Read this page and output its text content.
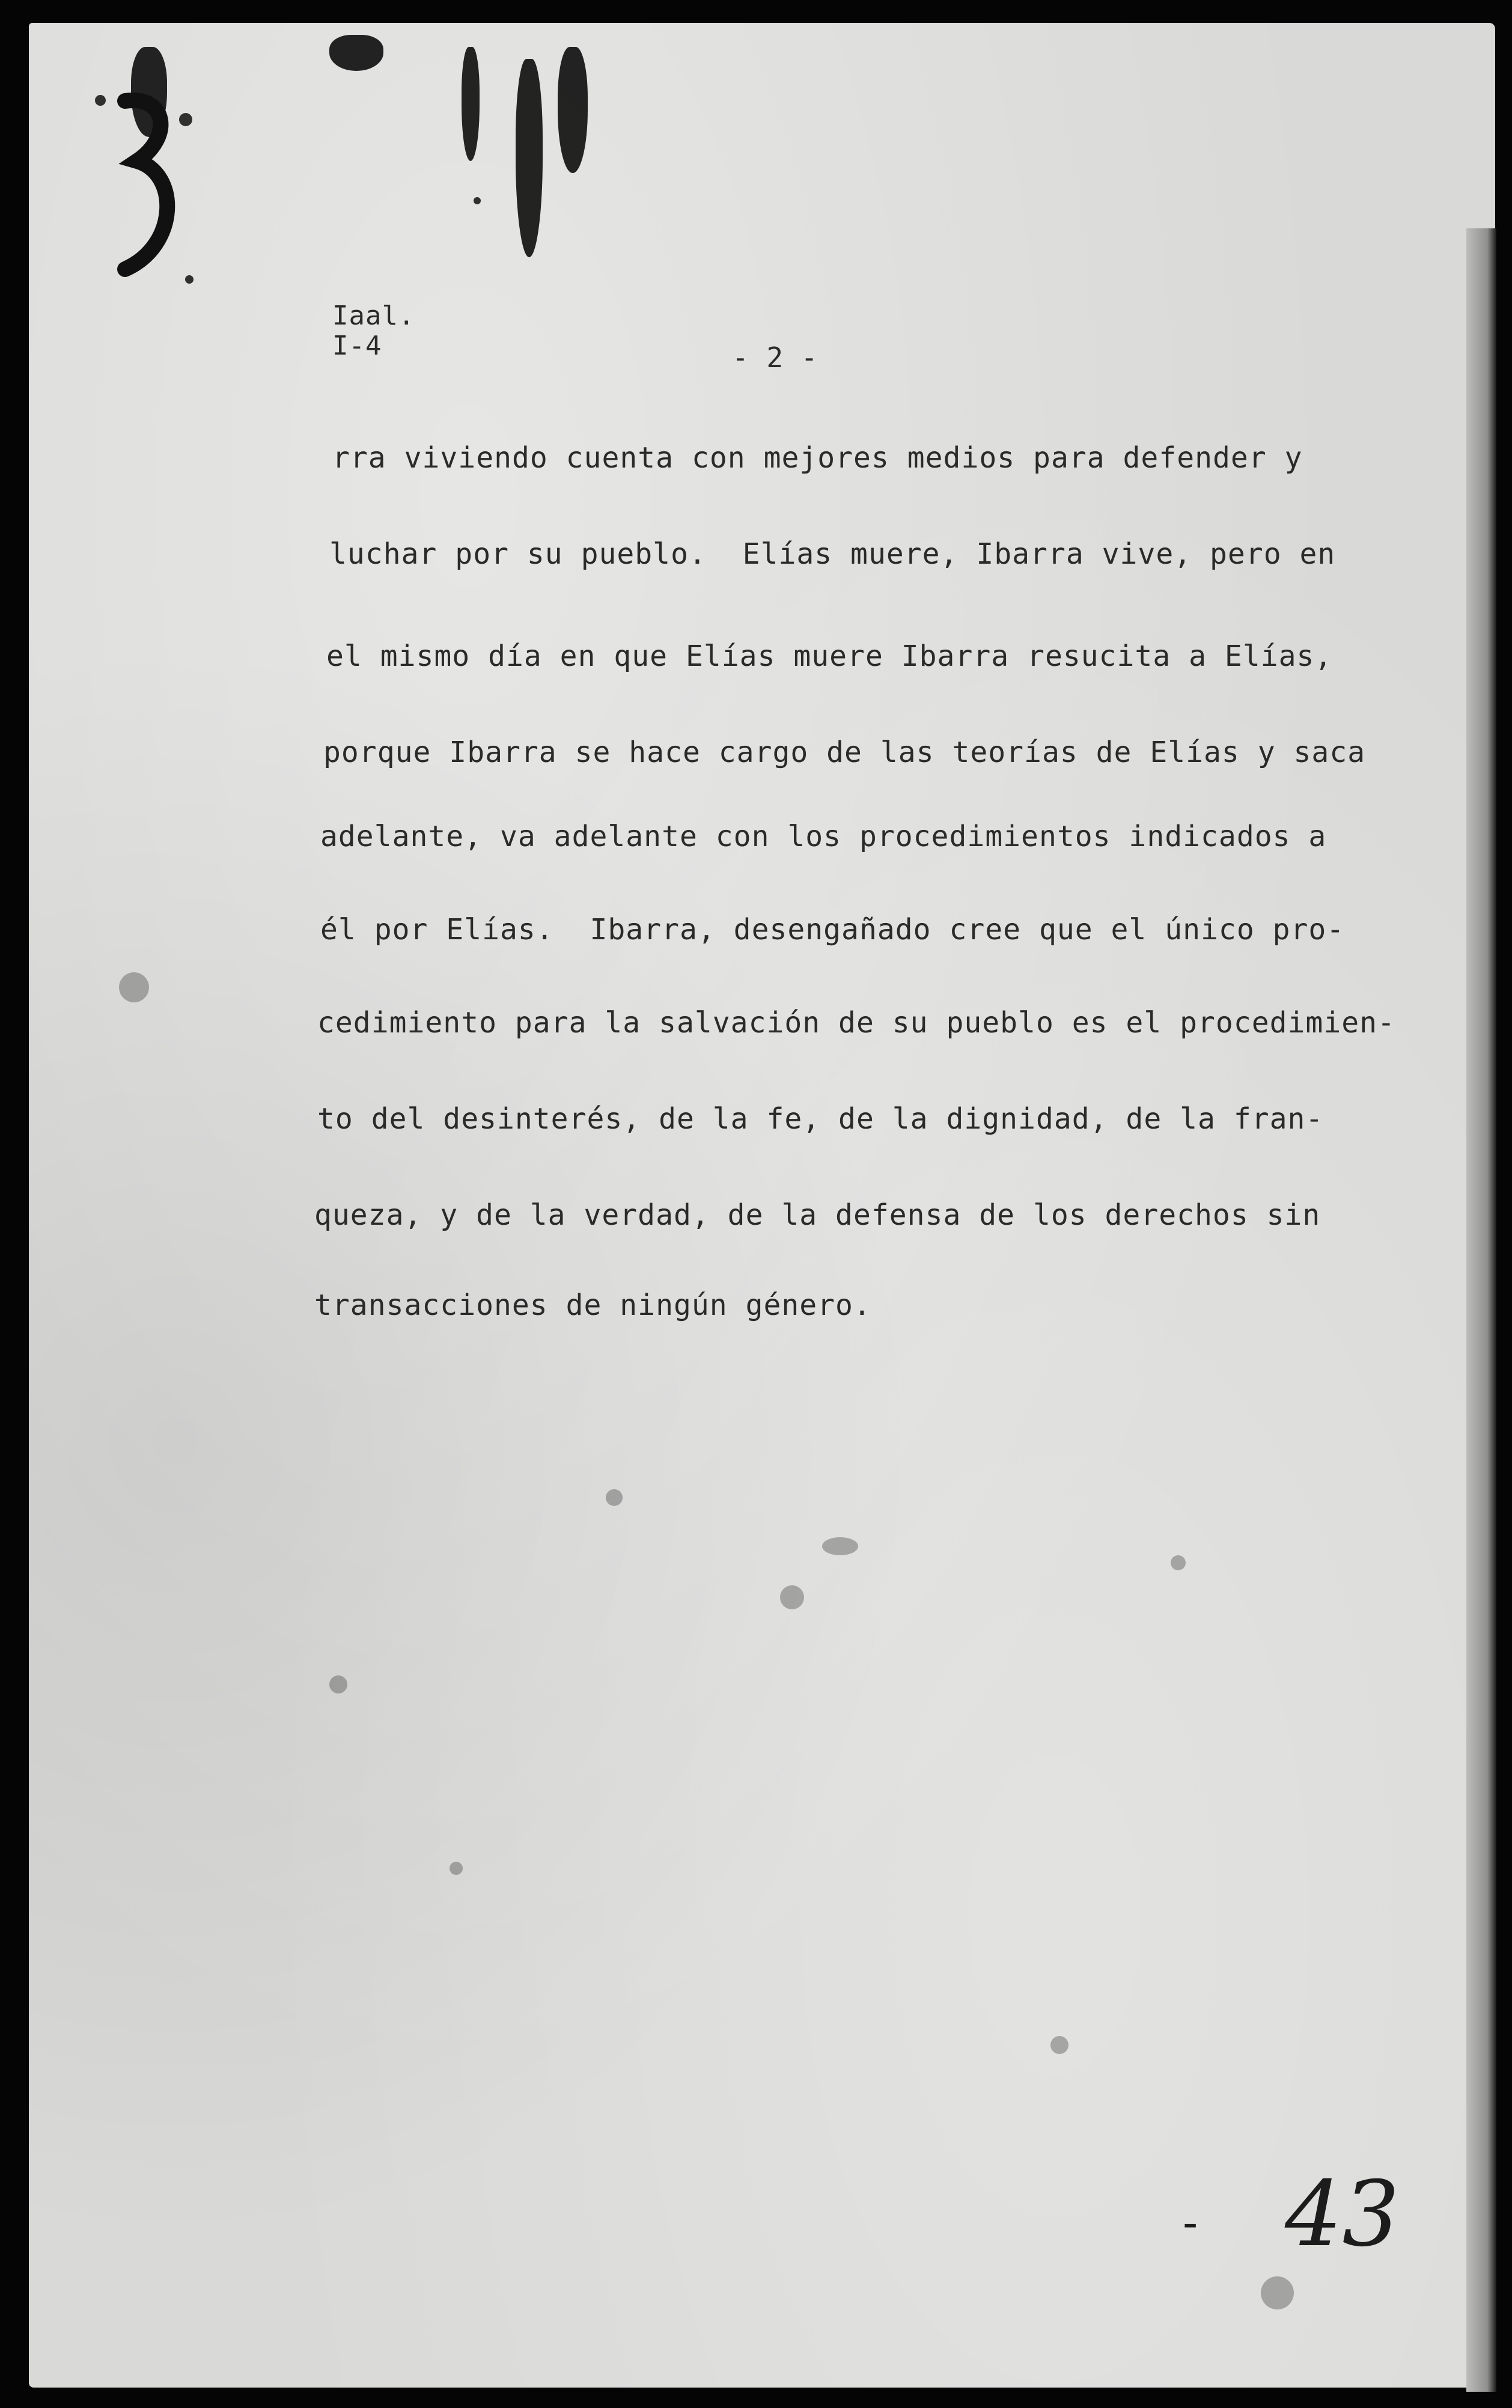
Iaal.
I-4	- 2 -
rra viviendo cuenta con mejores medios para defender y
luchar por su pueblo.  Elías muere, Ibarra vive, pero en
el mismo día en que Elías muere Ibarra resucita a Elías,
porque Ibarra se hace cargo de las teorías de Elías y saca
adelante, va adelante con los procedimientos indicados a
él por Elías.  Ibarra, desengañado cree que el único pro-
cedimiento para la salvación de su pueblo es el procedimien-
to del desinterés, de la fe, de la dignidad, de la fran-
queza, y de la verdad, de la defensa de los derechos sin
transacciones de ningún género.
- 43
